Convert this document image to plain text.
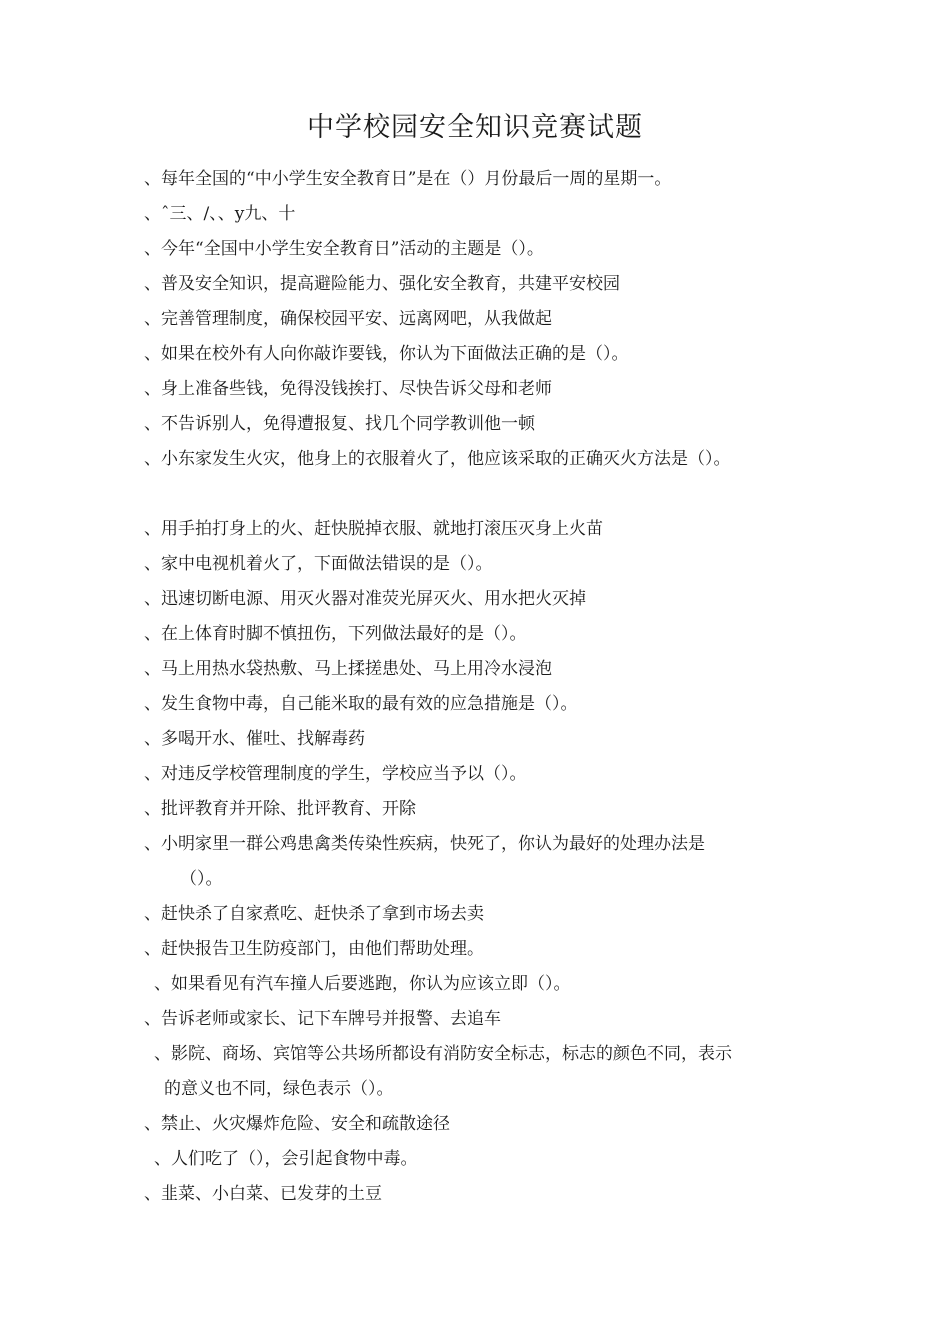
中学校园安全知识竞赛试题
、每年全国的“中小学生安全教育日”是在（）月份最后一周的星期一。
、ˆ三、/、、y九、十
、今年“全国中小学生安全教育日”活动的主题是（）。
、普及安全知识，提高避险能力、强化安全教育，共建平安校园
、完善管理制度，确保校园平安、远离网吧，从我做起
、如果在校外有人向你敲诈要钱，你认为下面做法正确的是（）。
、身上准备些钱，免得没钱挨打、尽快告诉父母和老师
、不告诉别人，免得遭报复、找几个同学教训他一顿
、小东家发生火灾，他身上的衣服着火了，他应该采取的正确灭火方法是（）。
、用手拍打身上的火、赶快脱掉衣服、就地打滚压灭身上火苗
、家中电视机着火了，下面做法错误的是（）。
、迅速切断电源、用灭火器对准荧光屏灭火、用水把火灭掉
、在上体育时脚不慎扭伤，下列做法最好的是（）。
、马上用热水袋热敷、马上揉搓患处、马上用冷水浸泡
、发生食物中毒，自己能米取的最有效的应急措施是（）。
、多喝开水、催吐、找解毒药
、对违反学校管理制度的学生，学校应当予以（）。
、批评教育并开除、批评教育、开除
、小明家里一群公鸡患禽类传染性疾病，快死了，你认为最好的处理办法是
（）。
、赶快杀了自家煮吃、赶快杀了拿到市场去卖
、赶快报告卫生防疫部门，由他们帮助处理。
、如果看见有汽车撞人后要逃跑，你认为应该立即（）。
、告诉老师或家长、记下车牌号并报警、去追车
、影院、商场、宾馆等公共场所都设有消防安全标志，标志的颜色不同，表示
的意义也不同，绿色表示（）。
、禁止、火灾爆炸危险、安全和疏散途径
、人们吃了（），会引起食物中毒。
、韭菜、小白菜、已发芽的土豆
